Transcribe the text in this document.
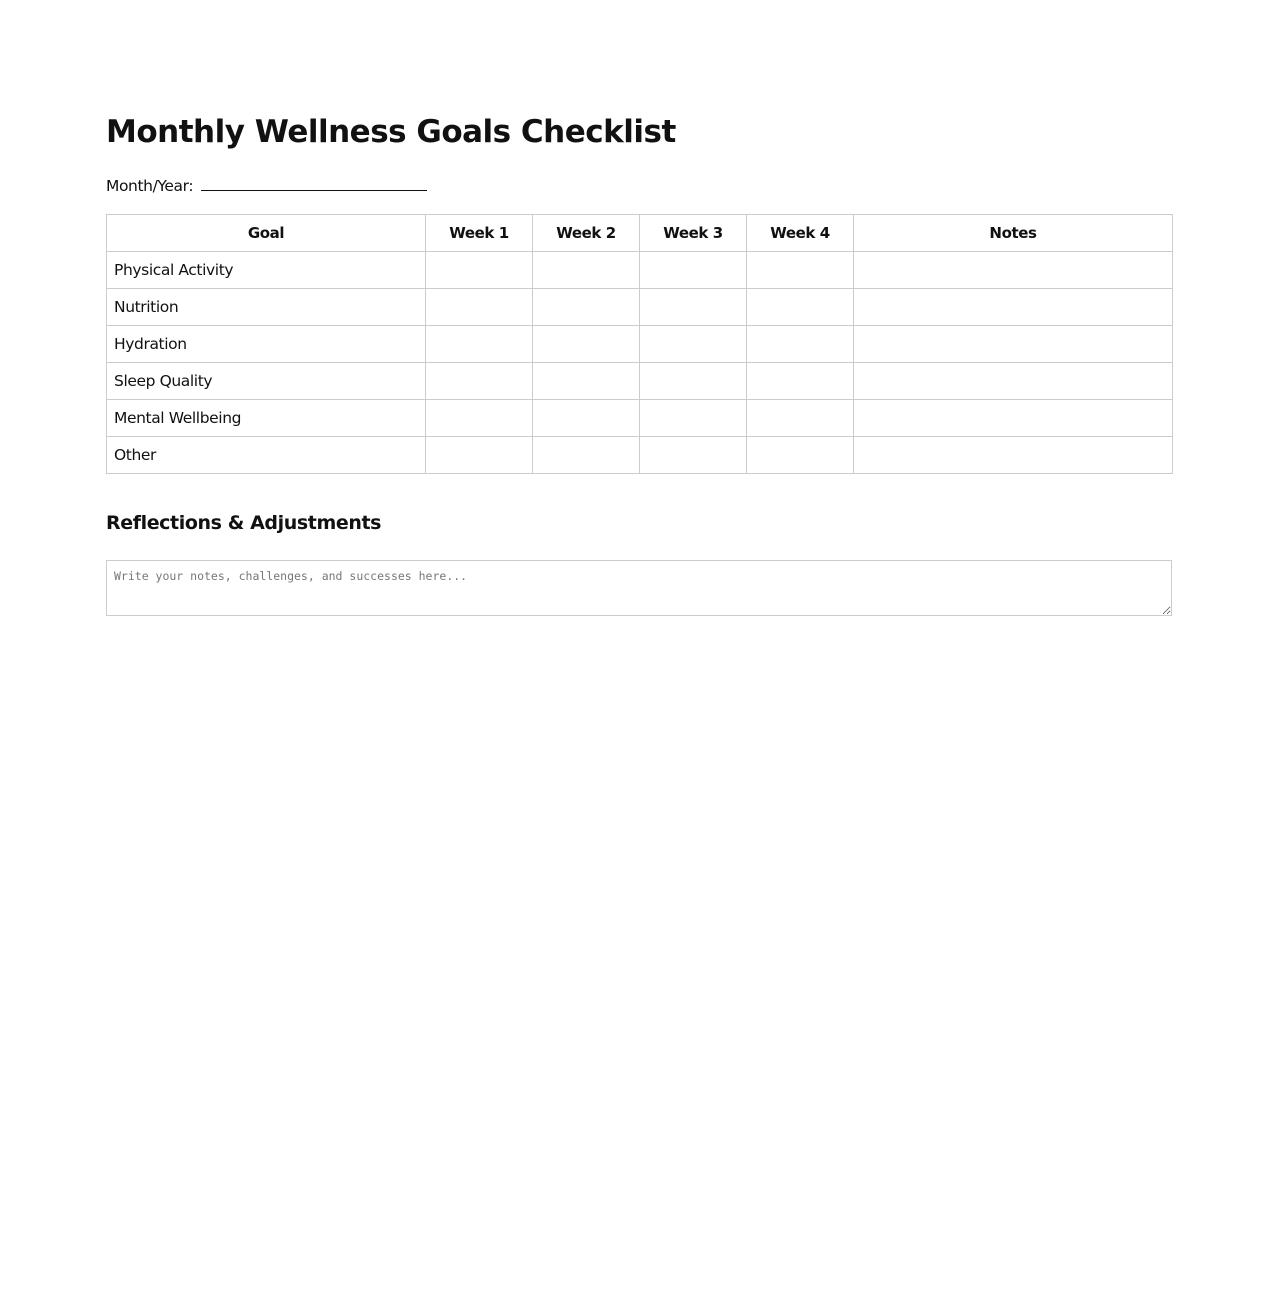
Monthly Wellness Goals Checklist
Month/Year:
Goal	Week 1	Week 2	Week 3	Week 4	Notes
Physical Activity					
Nutrition					
Hydration					
Sleep Quality					
Mental Wellbeing					
Other					
Reflections & Adjustments
Write your notes, challenges, and successes here...
